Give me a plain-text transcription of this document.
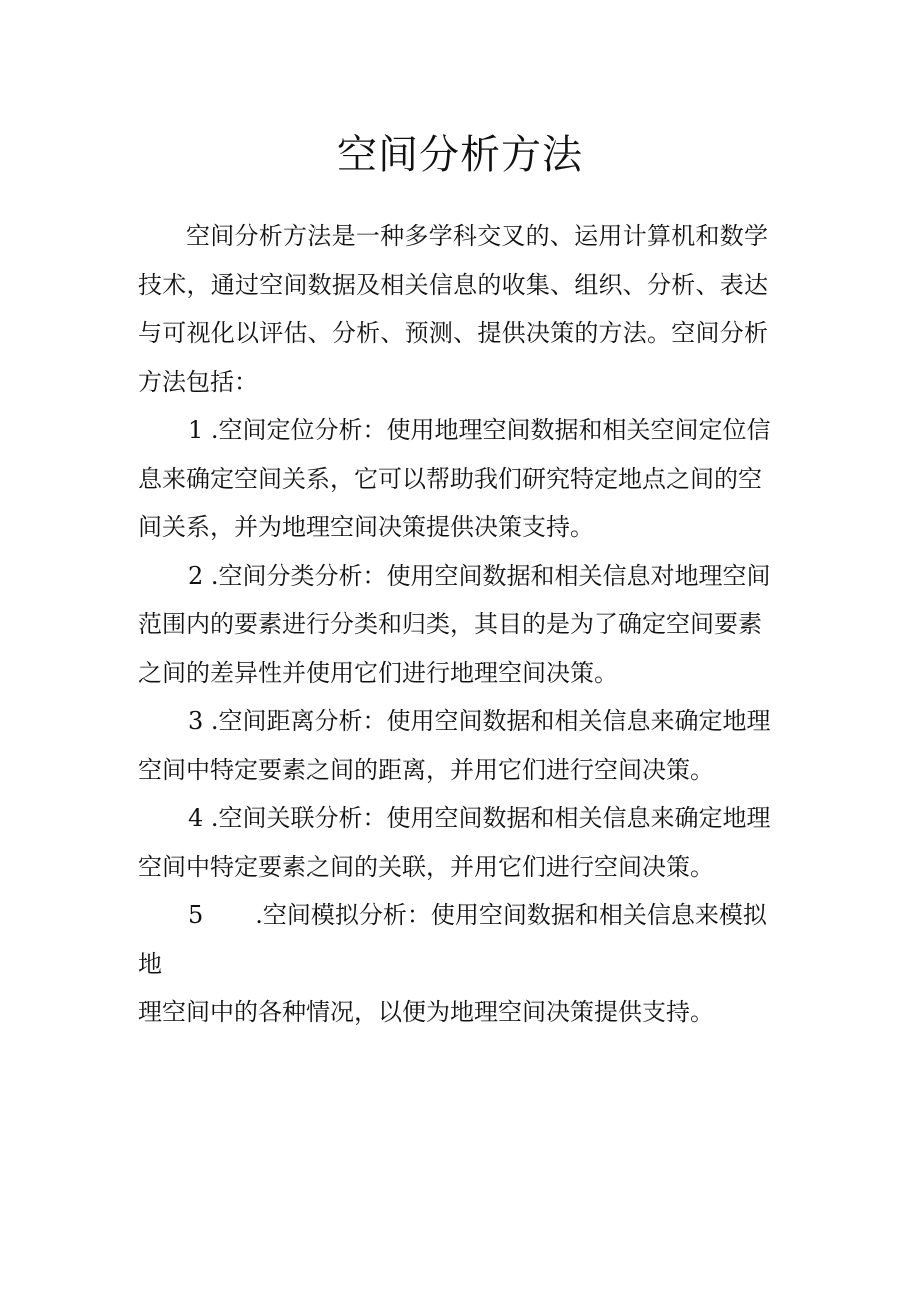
空间分析方法

空间分析方法是一种多学科交叉的、运用计算机和数学技术，通过空间数据及相关信息的收集、组织、分析、表达与可视化以评估、分析、预测、提供决策的方法。空间分析方法包括：

1 .空间定位分析：使用地理空间数据和相关空间定位信
息来确定空间关系，它可以帮助我们研究特定地点之间的空间关系，并为地理空间决策提供决策支持。
2 .空间分类分析：使用空间数据和相关信息对地理空间
范围内的要素进行分类和归类，其目的是为了确定空间要素之间的差异性并使用它们进行地理空间决策。
3 .空间距离分析：使用空间数据和相关信息来确定地理
空间中特定要素之间的距离，并用它们进行空间决策。
4 .空间关联分析：使用空间数据和相关信息来确定地理
空间中特定要素之间的关联，并用它们进行空间决策。
5 .空间模拟分析：使用空间数据和相关信息来模拟
地
理空间中的各种情况，以便为地理空间决策提供支持。
